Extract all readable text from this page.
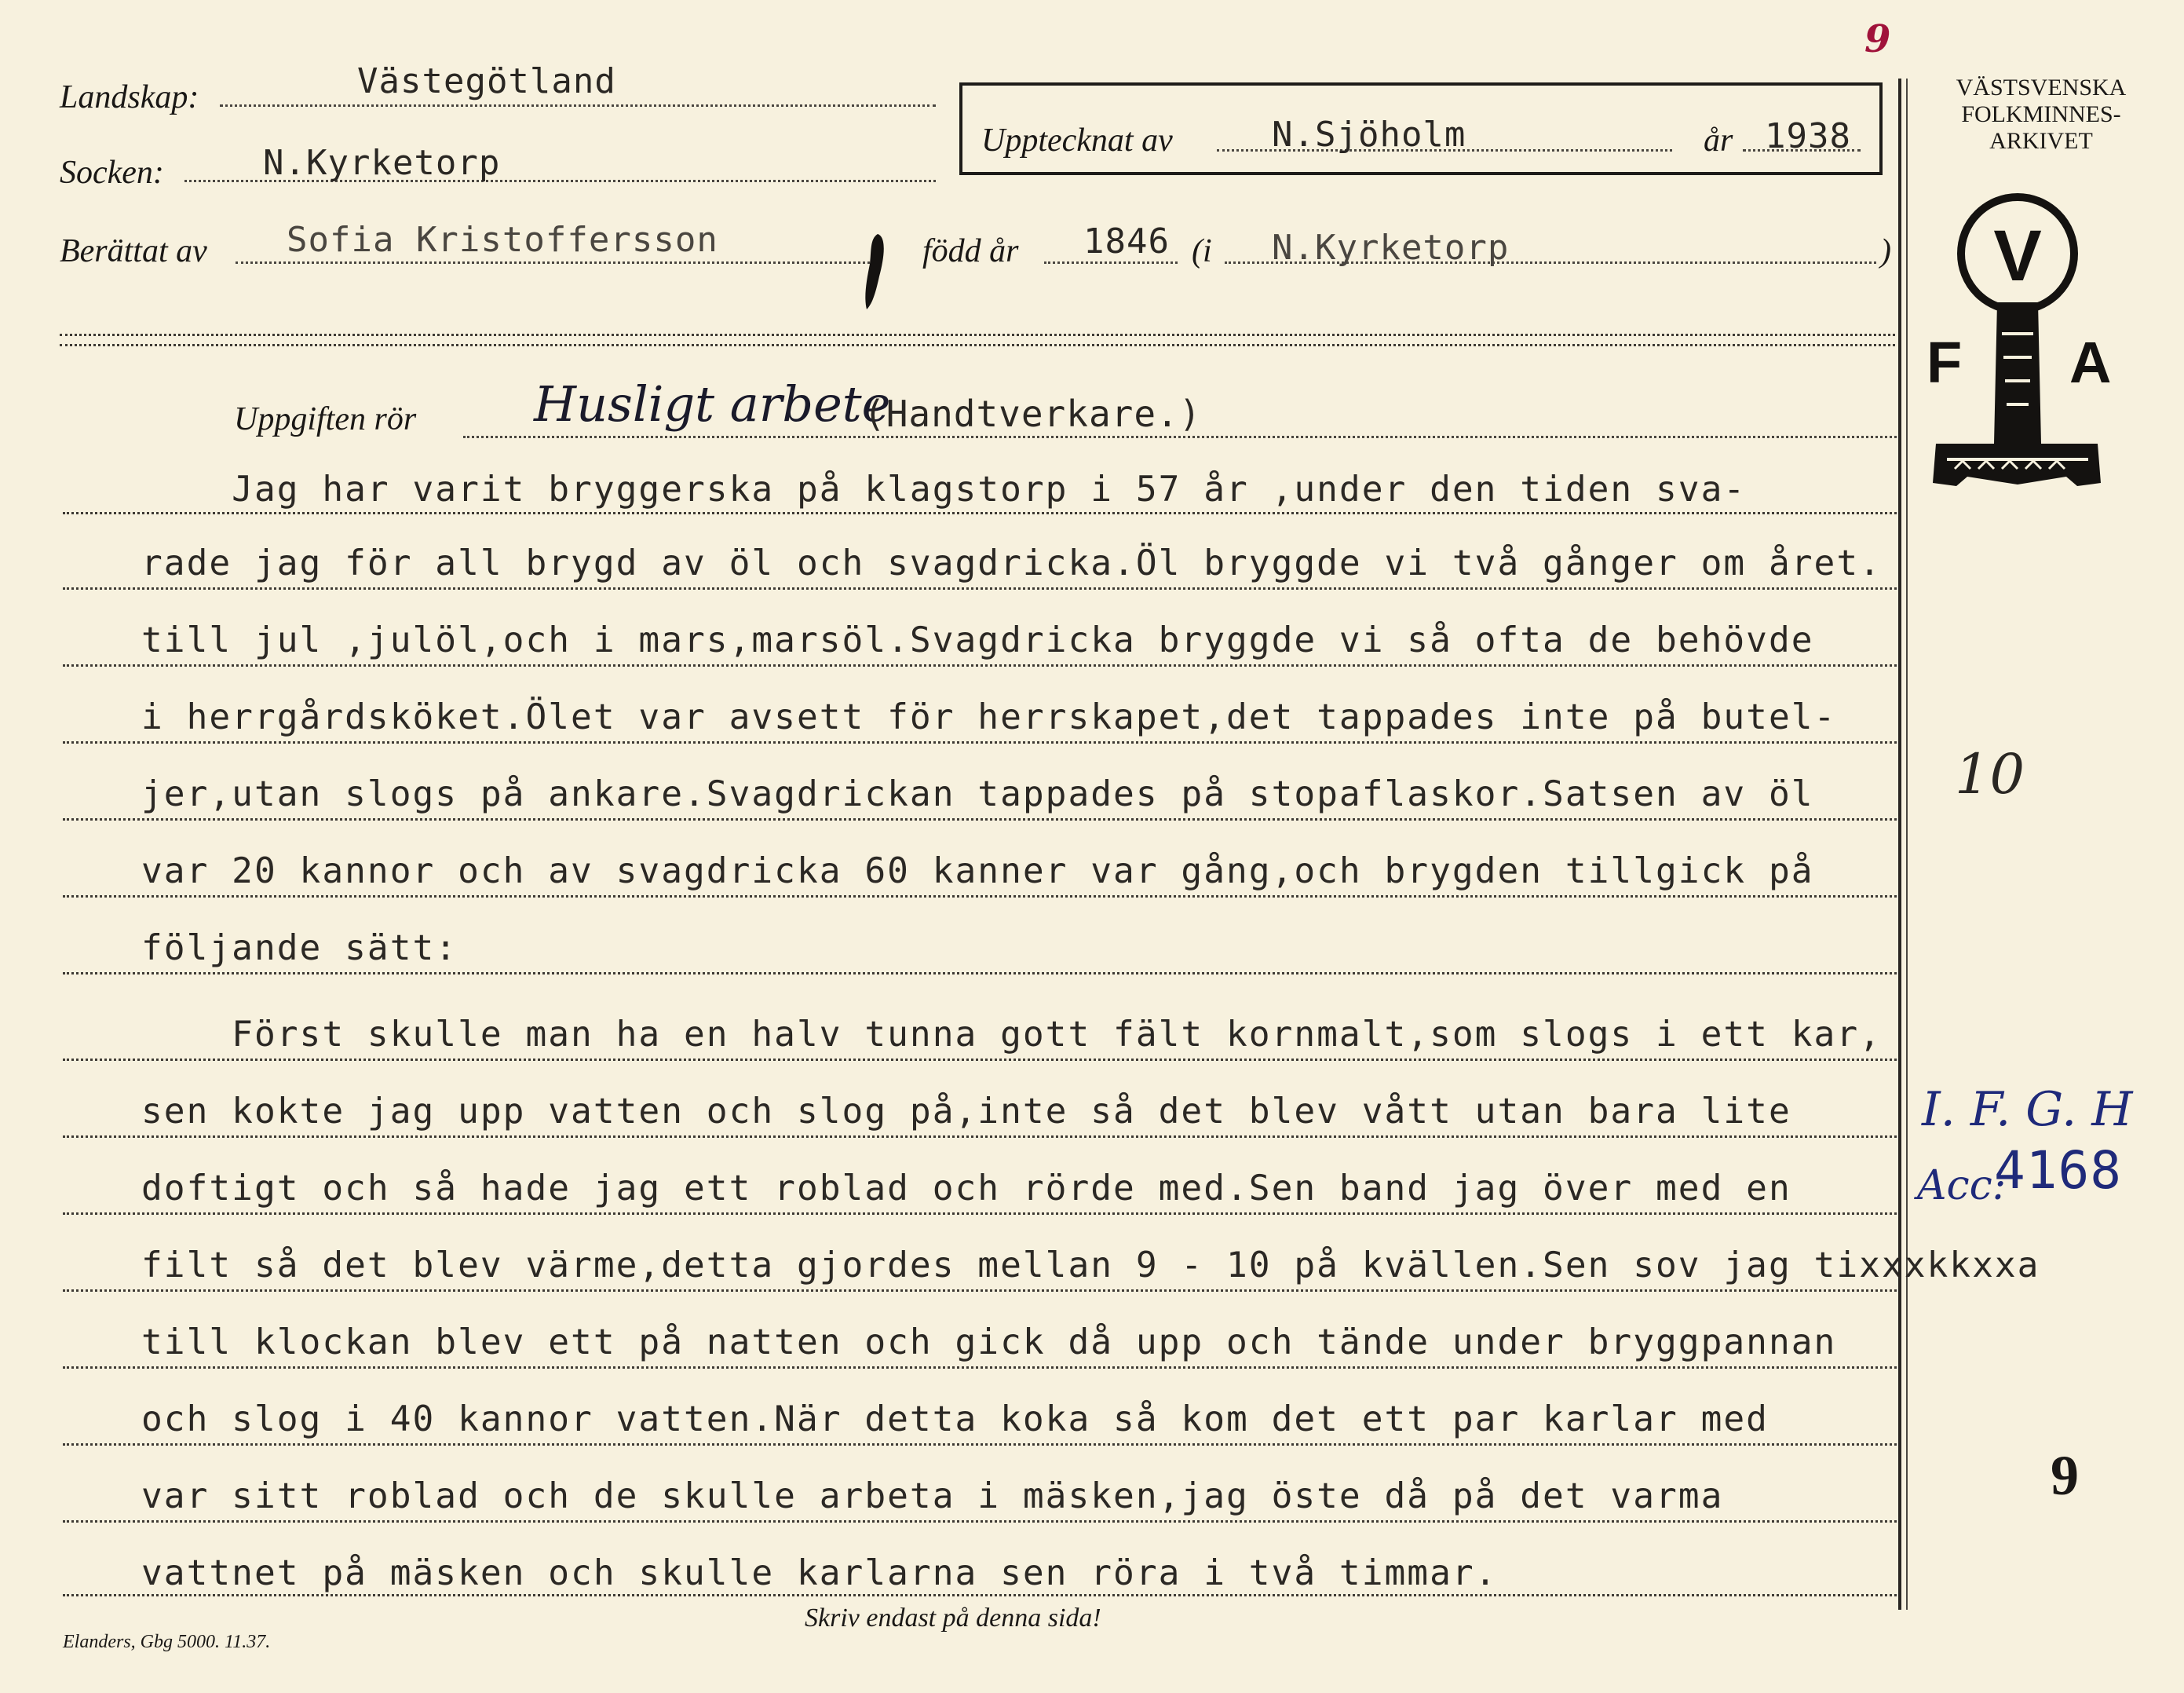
Landskap:	Västegötland
Socken:	N.Kyrketorp
Berättat av Sofia Kristoffersson	född år 1846 (i N.Kyrketorp	)
Upptecknat av	N.Sjöholm	år 1938
9
VÄSTSVENSKA
FOLKMINNES-
ARKIVET
V
F A
Uppgiften rör Husligt arbete
(Handtverkare.)
Jag har varit bryggerska på klagstorp i 57 år ,under den tiden sva-
rade jag för all brygd av öl och svagdricka.Öl bryggde vi två gånger om året.
till jul ,julöl,och i mars,marsöl.Svagdricka bryggde vi så ofta de behövde
i herrgårdsköket.Ölet var avsett för herrskapet,det tappades inte på butel-
jer,utan slogs på ankare.Svagdrickan tappades på stopaflaskor.Satsen av öl
var 20 kannor och av svagdricka 60 kanner var gång,och brygden tillgick på
följande sätt:
Först skulle man ha en halv tunna gott fält kornmalt,som slogs i ett kar,
sen kokte jag upp vatten och slog på,inte så det blev vått utan bara lite
doftigt och så hade jag ett roblad och rörde med.Sen band jag över med en
filt så det blev värme,detta gjordes mellan 9 - 10 på kvällen.Sen sov jag tixxxkkxxa
till klockan blev ett på natten och gick då upp och tände under bryggpannan
och slog i 40 kannor vatten.När detta koka så kom det ett par karlar med
var sitt roblad och de skulle arbeta i mäsken,jag öste då på det varma
vattnet på mäsken och skulle karlarna sen röra i två timmar.
10
I. F. G. H
Acc:
4168
9
Elanders, Gbg 5000. 11.37.
Skriv endast på denna sida!
